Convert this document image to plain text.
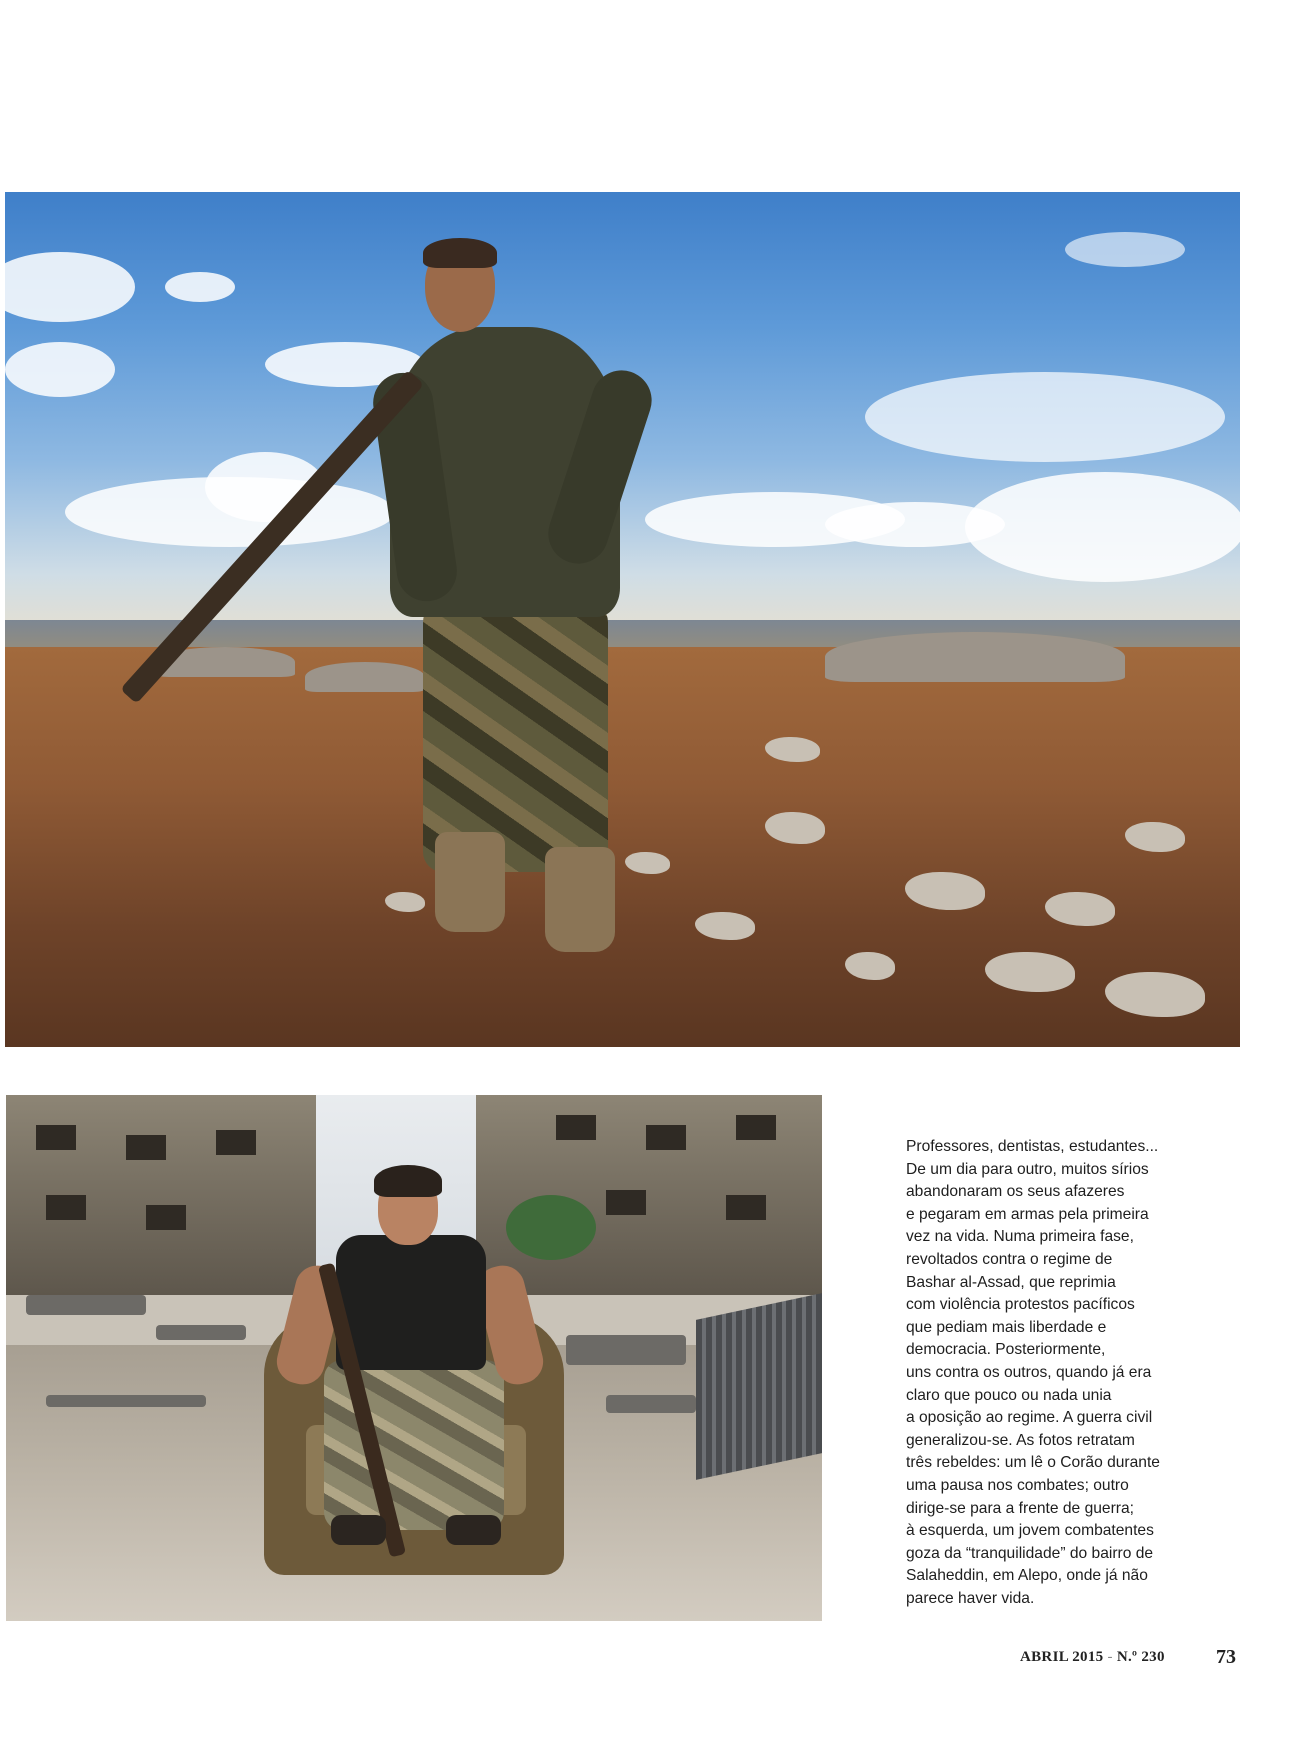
Professores, dentistas, estudantes...
De um dia para outro, muitos sírios
abandonaram os seus afazeres
e pegaram em armas pela primeira
vez na vida. Numa primeira fase,
revoltados contra o regime de
Bashar al-Assad, que reprimia
com violência protestos pacíficos
que pediam mais liberdade e
democracia. Posteriormente,
uns contra os outros, quando já era
claro que pouco ou nada unia
a oposição ao regime. A guerra civil
generalizou-se. As fotos retratam
três rebeldes: um lê o Corão durante
uma pausa nos combates; outro
dirige-se para a frente de guerra;
à esquerda, um jovem combatentes
goza da “tranquilidade” do bairro de
Salaheddin, em Alepo, onde já não
parece haver vida.

ABRIL 2015 - N.º 230	73
